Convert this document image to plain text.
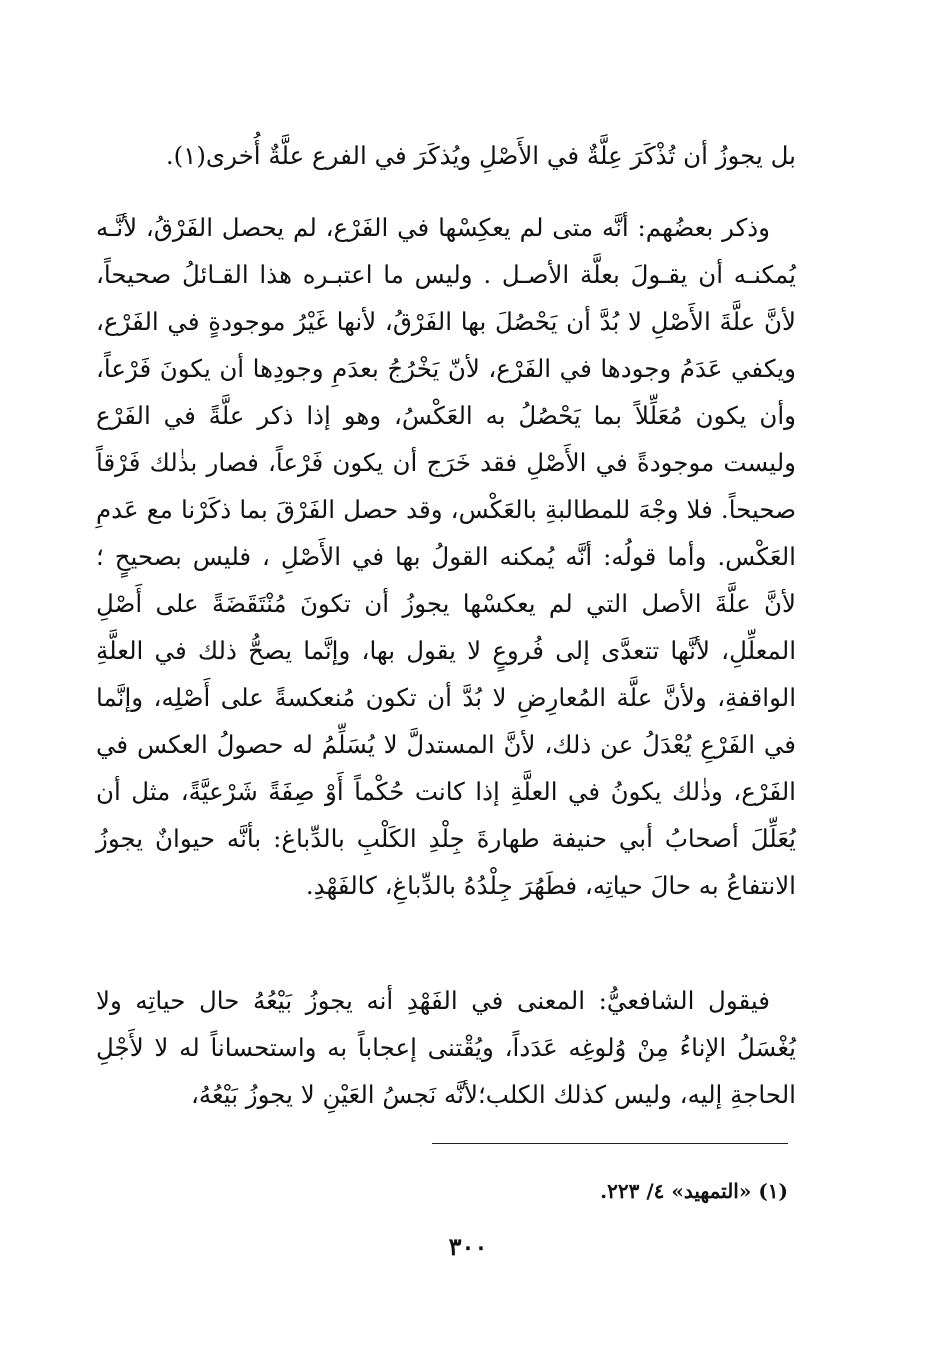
بل يجوزُ أن تُذْكَرَ عِلَّةٌ في الأَصْلِ ويُذكَرَ في الفرع علَّةٌ أُخرى(١).

وذكر بعضُهم: أنَّه متى لم يعكِسْها في الفَرْع، لم يحصل الفَرْقُ، لأنَّـه يُمكنـه أن يقـولَ بعلَّة الأصـل . وليس ما اعتبـره هذا القـائلُ صحيحاً، لأنَّ علَّةَ الأَصْلِ لا بُدَّ أن يَحْصُلَ بها الفَرْقُ، لأنها غَيْرُ موجودةٍ في الفَرْع، ويكفي عَدَمُ وجودها في الفَرْع، لأنّ يَخْرُجُ بعدَمِ وجودِها أن يكونَ فَرْعاً، وأن يكون مُعَلِّلاً بما يَحْصُلُ به العَكْسُ، وهو إذا ذكر علَّةً في الفَرْع وليست موجودةً في الأَصْلِ فقد خَرَج أن يكون فَرْعاً، فصار بذٰلك فَرْقاً صحيحاً. فلا وجْهَ للمطالبةِ بالعَكْس، وقد حصل الفَرْقَ بما ذكَرْنا مع عَدمِ العَكْس. وأما قولُه: أنَّه يُمكنه القولُ بها في الأَصْلِ ، فليس بصحيحٍ ؛ لأنَّ علَّةَ الأصل التي لم يعكسْها يجوزُ أن تكونَ مُنْتَقَضَةً على أَصْلِ المعلِّلِ، لأنَّها تتعدَّى إلى فُروعٍ لا يقول بها، وإنَّما يصحُّ ذلك في العلَّةِ الواقفةِ، ولأنَّ علَّة المُعارِضِ لا بُدَّ أن تكون مُنعكسةً على أَصْلِه، وإنَّما في الفَرْعِ يُعْدَلُ عن ذلك، لأنَّ المستدلَّ لا يُسَلِّمُ له حصولُ العكس في الفَرْع، وذٰلك يكونُ في العلَّةِ إذا كانت حُكْماً أَوْ صِفَةً شَرْعيَّةً، مثل أن يُعَلِّلَ أصحابُ أبي حنيفة طهارةَ جِلْدِ الكَلْبِ بالدِّباغ: بأنَّه حيوانٌ يجوزُ الانتفاعُ به حالَ حياتِه، فطَهُرَ جِلْدُهُ بالدِّباغِ، كالفَهْدِ.

فيقول الشافعيُّ: المعنى في الفَهْدِ أنه يجوزُ بَيْعُهُ حال حياتِه ولا يُغْسَلُ الإناءُ مِنْ وُلوغِه عَدَداً، ويُقْتنى إعجاباً به واستحساناً له لا لأَجْلِ الحاجةِ إليه، وليس كذلك الكلب؛لأنَّه نَجسُ العَيْنِ لا يجوزُ بَيْعُهُ،

(١) «التمهيد» ٤/ ٢٢٣.
٣٠٠
